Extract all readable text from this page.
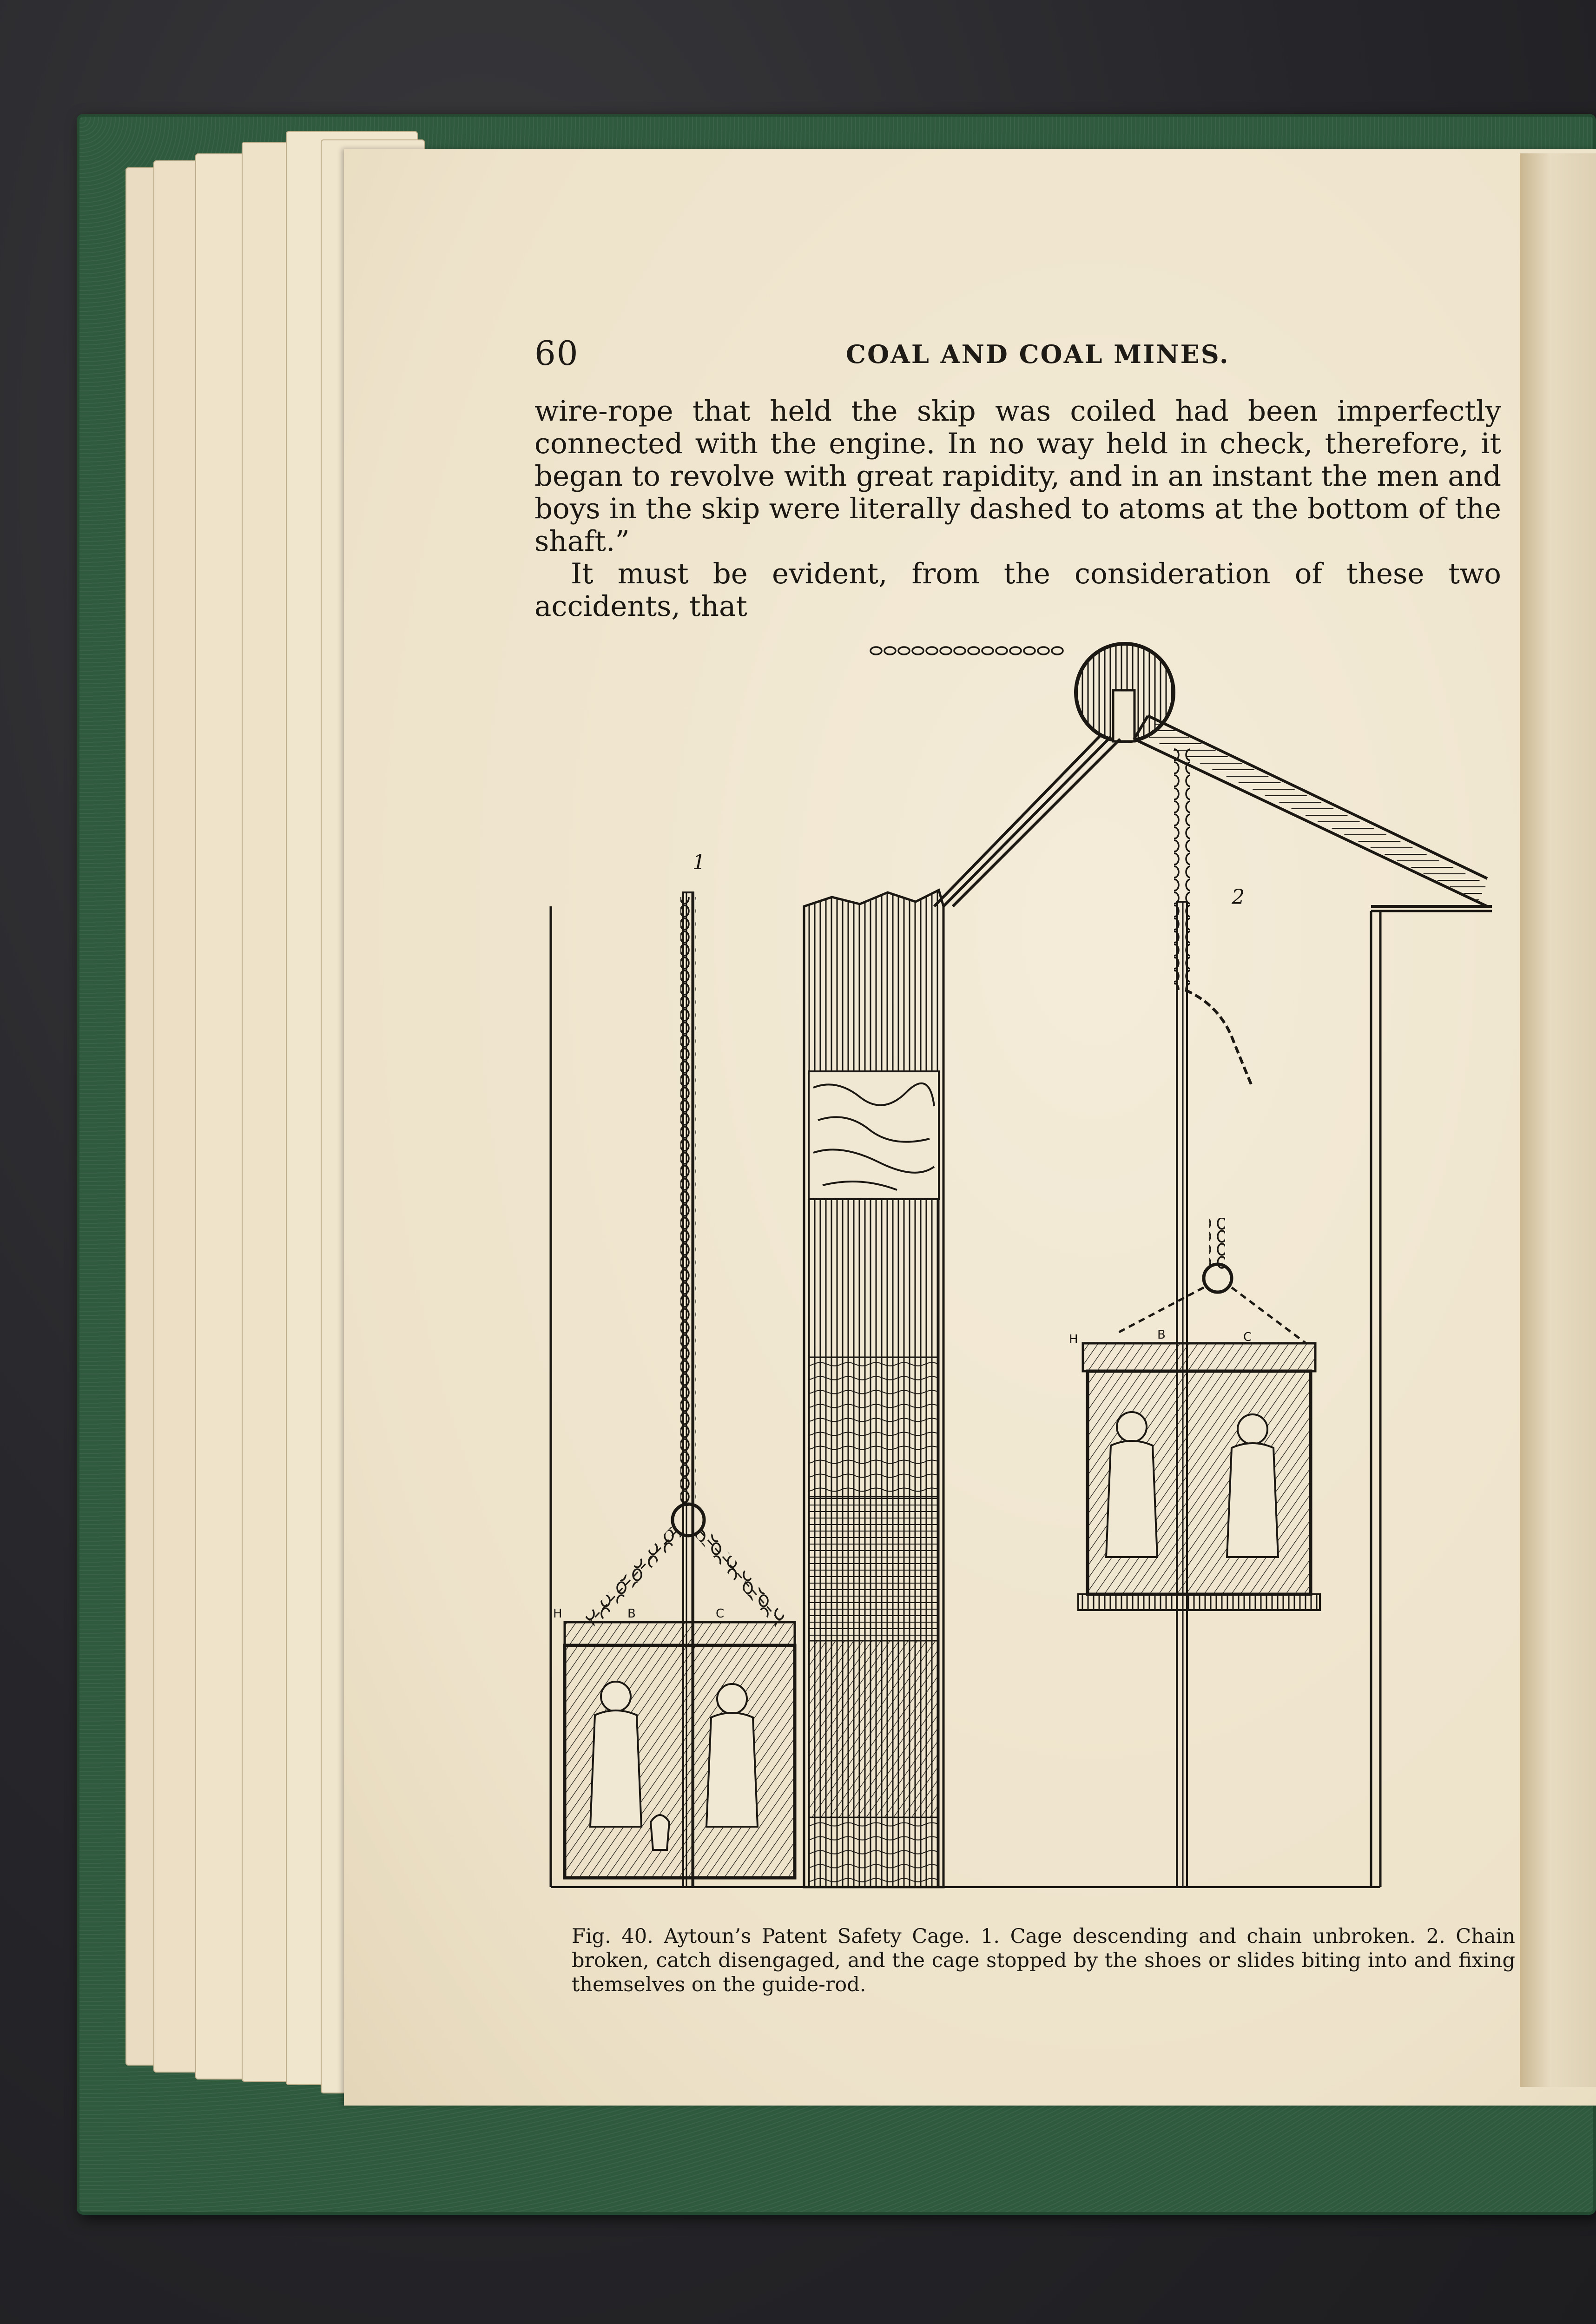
60	COAL AND COAL MINES.

wire-rope that held the skip was coiled had been imperfectly connected with the engine. In no way held in check, therefore, it began to revolve with great rapidity, and in an instant the men and boys in the skip were literally dashed to atoms at the bottom of the shaft.”

It must be evident, from the consideration of these two accidents, that

1
H	B	C
2
H	B	C
Fig. 40. Aytoun’s Patent Safety Cage. 1. Cage descending and chain unbroken. 2. Chain broken, catch disengaged, and the cage stopped by the shoes or slides biting into and fixing themselves on the guide-rod.
